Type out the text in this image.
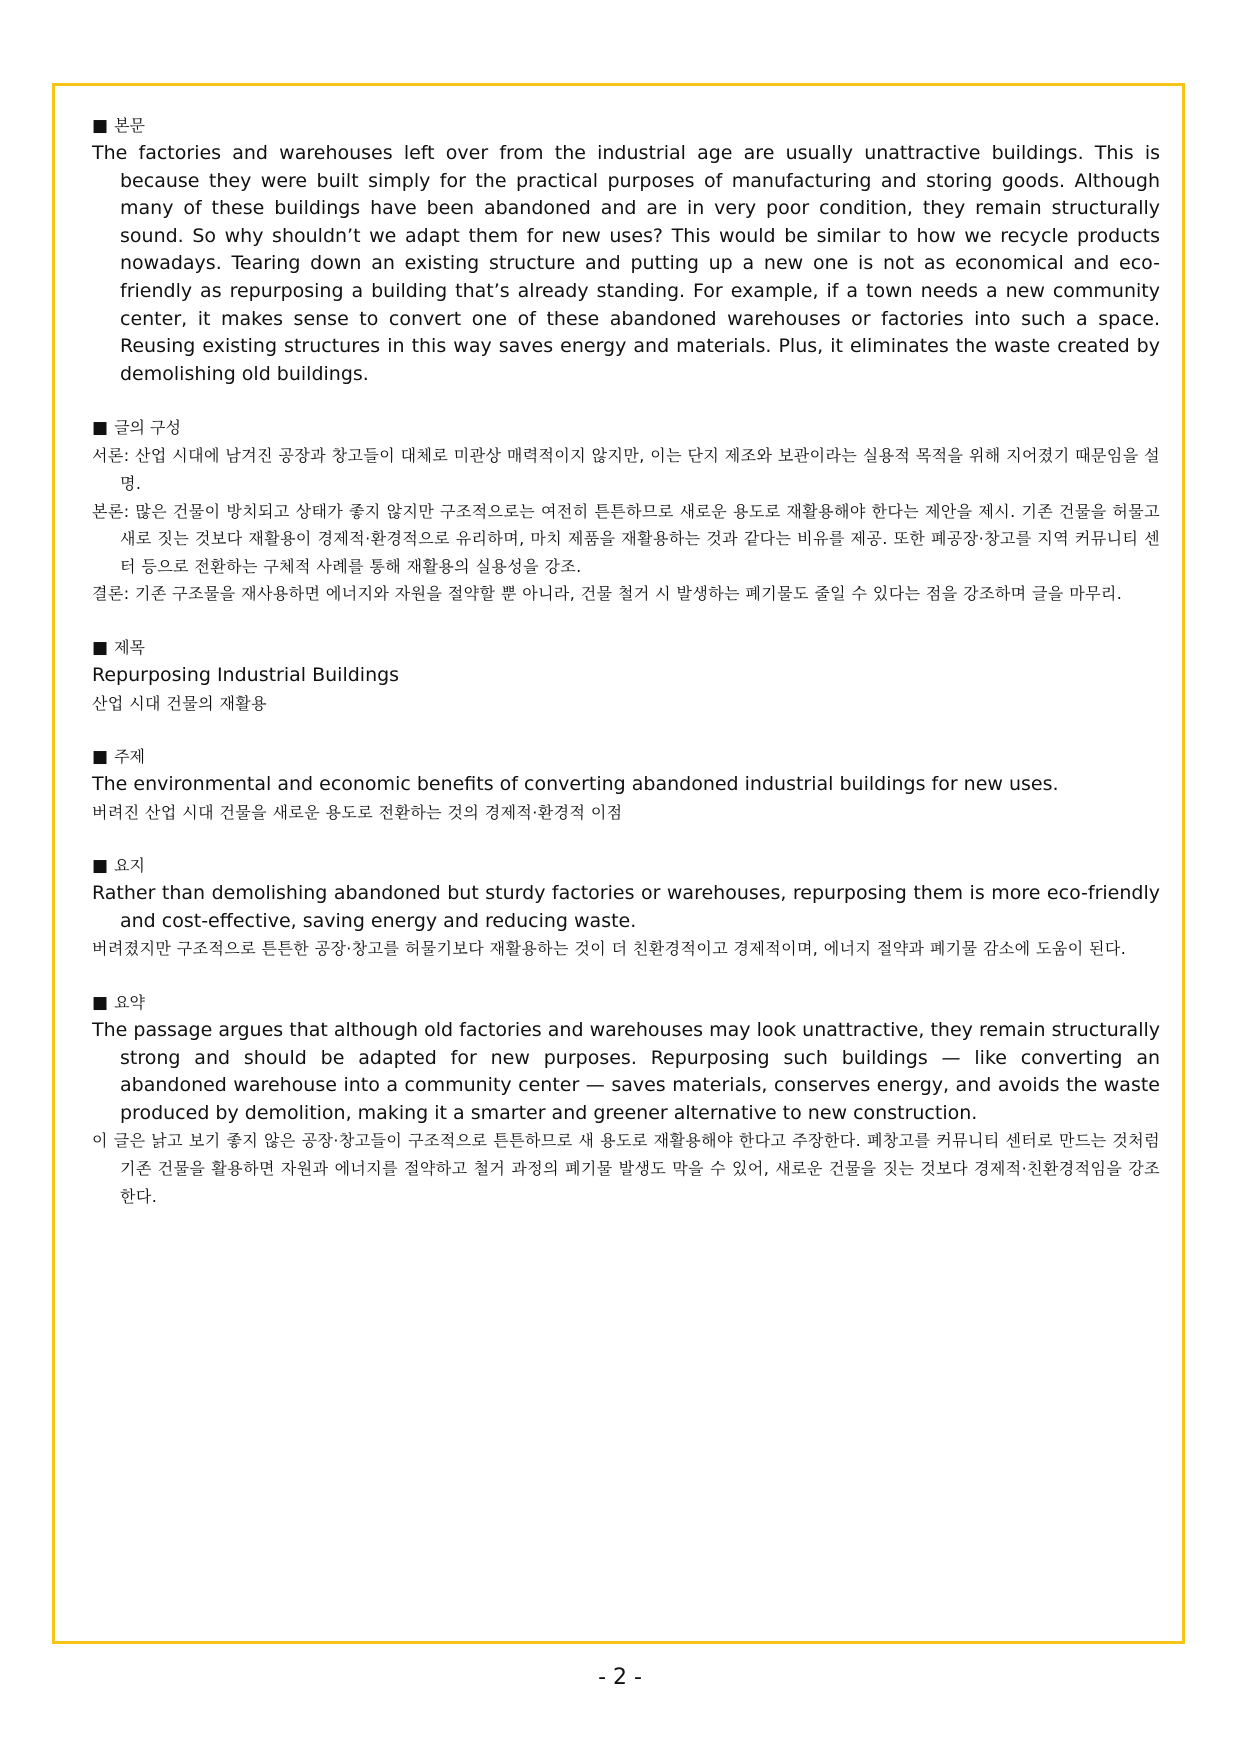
■ 본문

The factories and warehouses left over from the industrial age are usually unattractive buildings. This is because they were built simply for the practical purposes of manufacturing and storing goods. Although many of these buildings have been abandoned and are in very poor condition, they remain structurally sound. So why shouldn’t we adapt them for new uses? This would be similar to how we recycle products nowadays. Tearing down an existing structure and putting up a new one is not as economical and eco-friendly as repurposing a building that’s already standing. For example, if a town needs a new community center, it makes sense to convert one of these abandoned warehouses or factories into such a space. Reusing existing structures in this way saves energy and materials. Plus, it eliminates the waste created by demolishing old buildings.

■ 글의 구성

서론: 산업 시대에 남겨진 공장과 창고들이 대체로 미관상 매력적이지 않지만, 이는 단지 제조와 보관이라는 실용적 목적을 위해 지어졌기 때문임을 설명.

본론: 많은 건물이 방치되고 상태가 좋지 않지만 구조적으로는 여전히 튼튼하므로 새로운 용도로 재활용해야 한다는 제안을 제시. 기존 건물을 허물고 새로 짓는 것보다 재활용이 경제적·환경적으로 유리하며, 마치 제품을 재활용하는 것과 같다는 비유를 제공. 또한 폐공장·창고를 지역 커뮤니티 센터 등으로 전환하는 구체적 사례를 통해 재활용의 실용성을 강조.

결론: 기존 구조물을 재사용하면 에너지와 자원을 절약할 뿐 아니라, 건물 철거 시 발생하는 폐기물도 줄일 수 있다는 점을 강조하며 글을 마무리.

■ 제목

Repurposing Industrial Buildings

산업 시대 건물의 재활용

■ 주제

The environmental and economic benefits of converting abandoned industrial buildings for new uses.

버려진 산업 시대 건물을 새로운 용도로 전환하는 것의 경제적·환경적 이점

■ 요지

Rather than demolishing abandoned but sturdy factories or warehouses, repurposing them is more eco-friendly and cost-effective, saving energy and reducing waste.

버려졌지만 구조적으로 튼튼한 공장·창고를 허물기보다 재활용하는 것이 더 친환경적이고 경제적이며, 에너지 절약과 폐기물 감소에 도움이 된다.

■ 요약

The passage argues that although old factories and warehouses may look unattractive, they remain structurally strong and should be adapted for new purposes. Repurposing such buildings — like converting an abandoned warehouse into a community center — saves materials, conserves energy, and avoids the waste produced by demolition, making it a smarter and greener alternative to new construction.

이 글은 낡고 보기 좋지 않은 공장·창고들이 구조적으로 튼튼하므로 새 용도로 재활용해야 한다고 주장한다. 폐창고를 커뮤니티 센터로 만드는 것처럼 기존 건물을 활용하면 자원과 에너지를 절약하고 철거 과정의 폐기물 발생도 막을 수 있어, 새로운 건물을 짓는 것보다 경제적·친환경적임을 강조한다.

- 2 -
